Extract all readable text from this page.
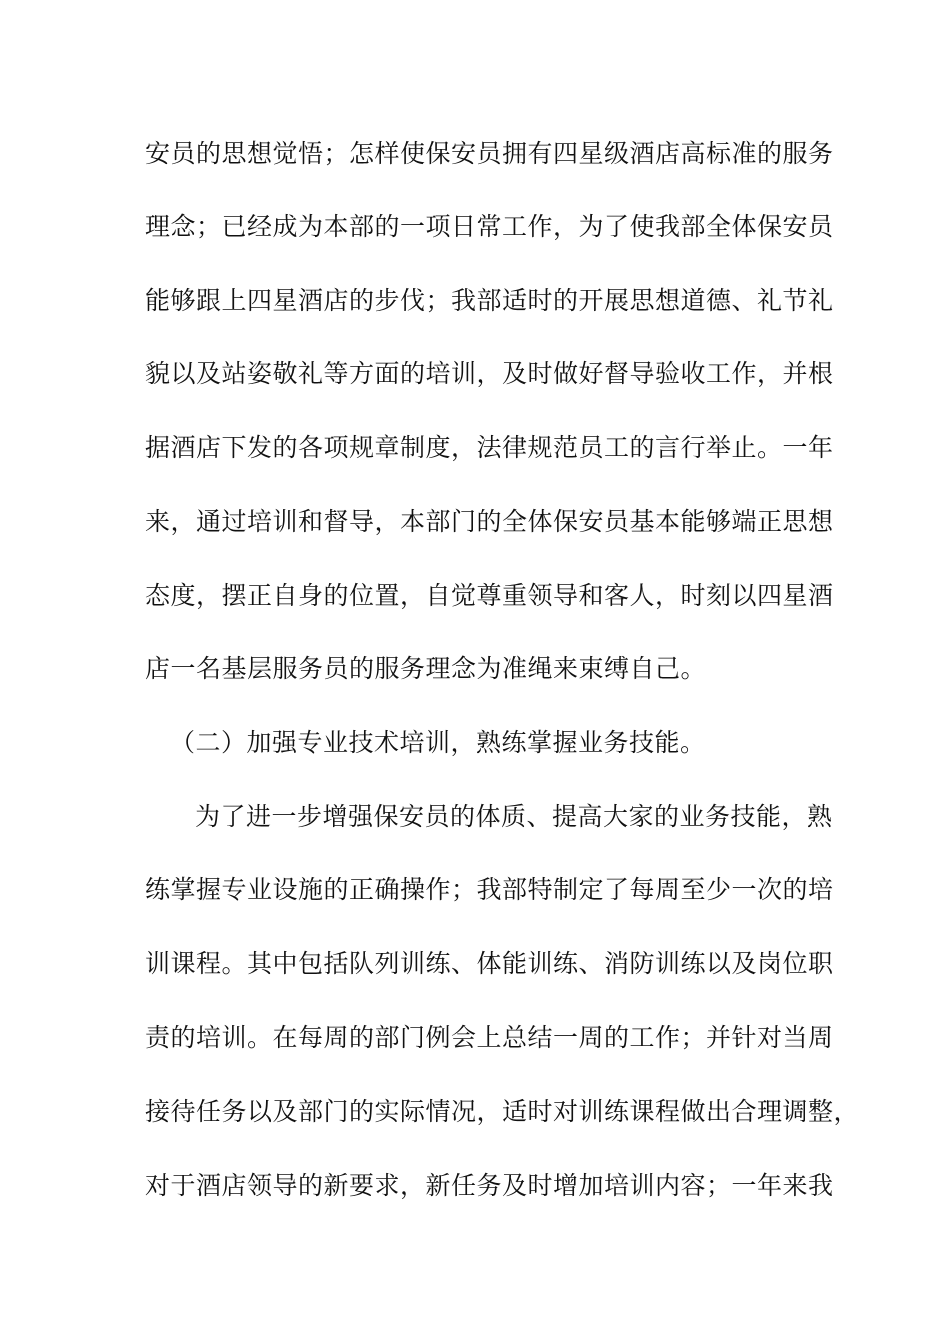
安员的思想觉悟；怎样使保安员拥有四星级酒店高标准的服务
理念；已经成为本部的一项日常工作，为了使我部全体保安员
能够跟上四星酒店的步伐；我部适时的开展思想道德、礼节礼
貌以及站姿敬礼等方面的培训，及时做好督导验收工作，并根
据酒店下发的各项规章制度，法律规范员工的言行举止。一年
来，通过培训和督导，本部门的全体保安员基本能够端正思想
态度，摆正自身的位置，自觉尊重领导和客人，时刻以四星酒
店一名基层服务员的服务理念为准绳来束缚自己。
（二）加强专业技术培训，熟练掌握业务技能。
为了进一步增强保安员的体质、提高大家的业务技能，熟
练掌握专业设施的正确操作；我部特制定了每周至少一次的培
训课程。其中包括队列训练、体能训练、消防训练以及岗位职
责的培训。在每周的部门例会上总结一周的工作；并针对当周
接待任务以及部门的实际情况，适时对训练课程做出合理调整，
对于酒店领导的新要求，新任务及时增加培训内容；一年来我
